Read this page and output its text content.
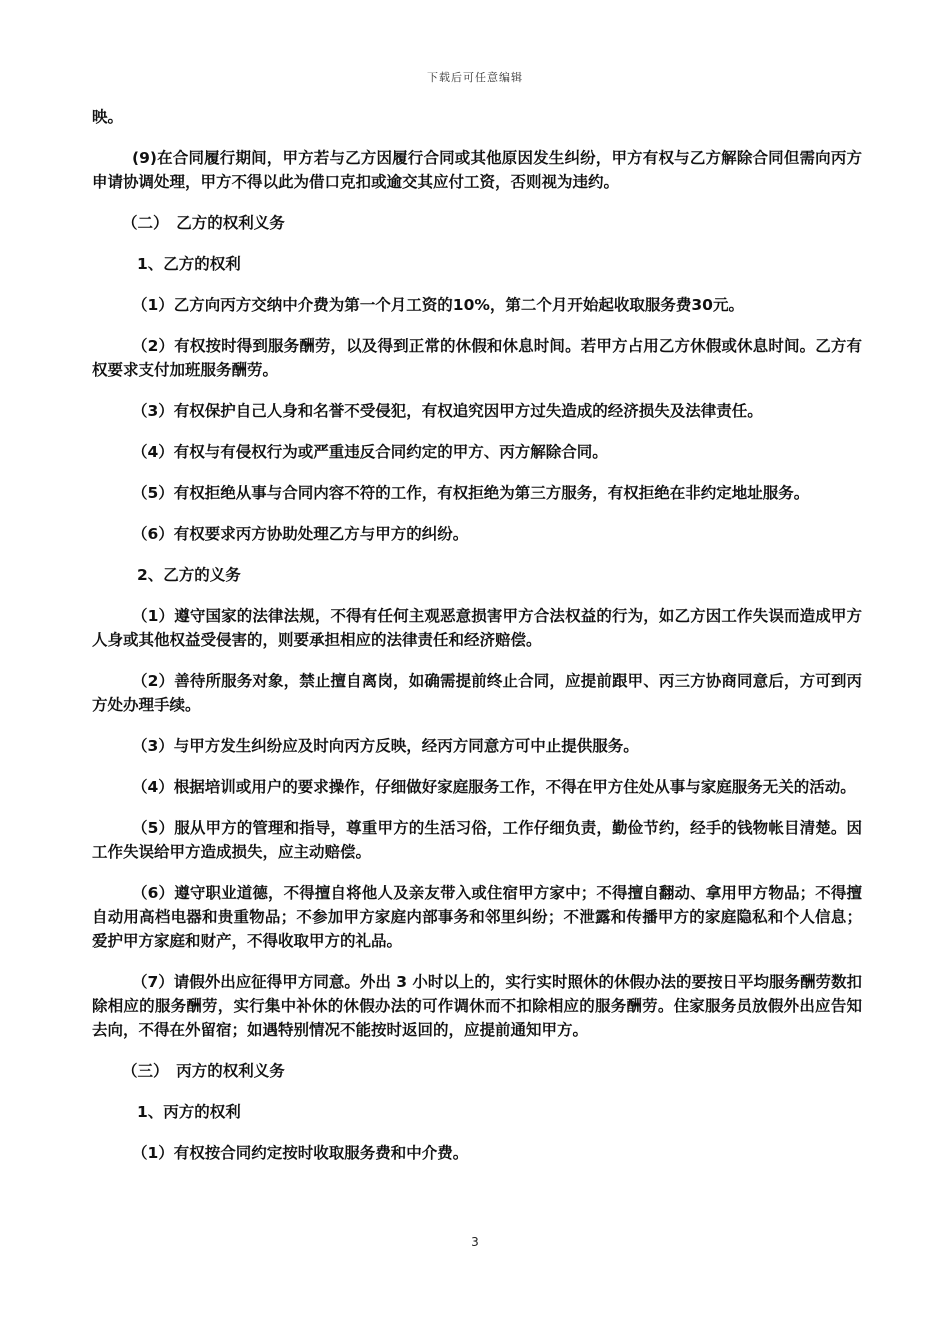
下载后可任意编辑

映。

(9)在合同履行期间，甲方若与乙方因履行合同或其他原因发生纠纷，甲方有权与乙方解除合同但需向丙方申请协调处理，甲方不得以此为借口克扣或逾交其应付工资，否则视为违约。

（二）　乙方的权利义务

1、乙方的权利

（1）乙方向丙方交纳中介费为第一个月工资的10%，第二个月开始起收取服务费30元。

（2）有权按时得到服务酬劳，以及得到正常的休假和休息时间。若甲方占用乙方休假或休息时间。乙方有权要求支付加班服务酬劳。

（3）有权保护自己人身和名誉不受侵犯，有权追究因甲方过失造成的经济损失及法律责任。

（4）有权与有侵权行为或严重违反合同约定的甲方、丙方解除合同。

（5）有权拒绝从事与合同内容不符的工作，有权拒绝为第三方服务，有权拒绝在非约定地址服务。

（6）有权要求丙方协助处理乙方与甲方的纠纷。

2、乙方的义务

（1）遵守国家的法律法规，不得有任何主观恶意损害甲方合法权益的行为，如乙方因工作失误而造成甲方人身或其他权益受侵害的，则要承担相应的法律责任和经济赔偿。

（2）善待所服务对象，禁止擅自离岗，如确需提前终止合同，应提前跟甲、丙三方协商同意后，方可到丙方处办理手续。

（3）与甲方发生纠纷应及时向丙方反映，经丙方同意方可中止提供服务。

（4）根据培训或用户的要求操作，仔细做好家庭服务工作，不得在甲方住处从事与家庭服务无关的活动。

（5）服从甲方的管理和指导，尊重甲方的生活习俗，工作仔细负责，勤俭节约，经手的钱物帐目清楚。因工作失误给甲方造成损失，应主动赔偿。

（6）遵守职业道德，不得擅自将他人及亲友带入或住宿甲方家中；不得擅自翻动、拿用甲方物品；不得擅自动用高档电器和贵重物品；不参加甲方家庭内部事务和邻里纠纷；不泄露和传播甲方的家庭隐私和个人信息；爱护甲方家庭和财产，不得收取甲方的礼品。

（7）请假外出应征得甲方同意。外出 3 小时以上的，实行实时照休的休假办法的要按日平均服务酬劳数扣除相应的服务酬劳，实行集中补休的休假办法的可作调休而不扣除相应的服务酬劳。住家服务员放假外出应告知去向，不得在外留宿；如遇特别情况不能按时返回的，应提前通知甲方。

（三）　丙方的权利义务

1、丙方的权利

（1）有权按合同约定按时收取服务费和中介费。

3
